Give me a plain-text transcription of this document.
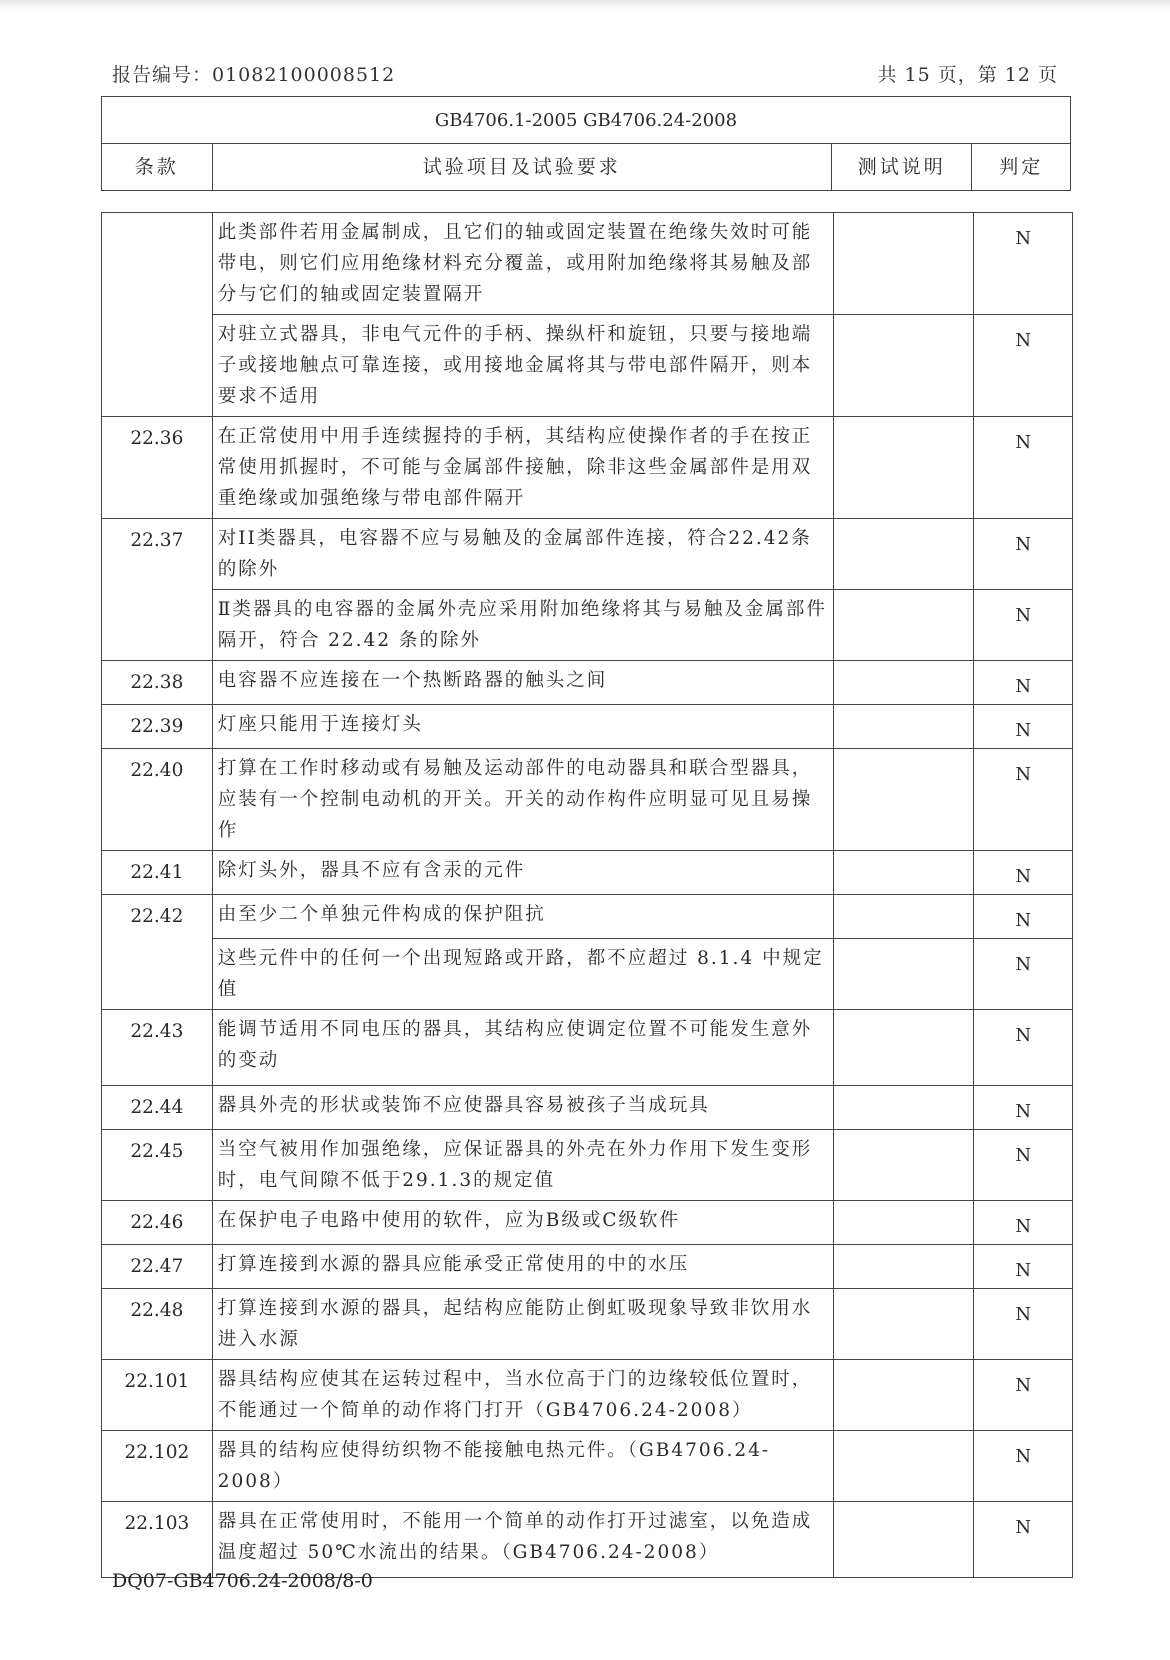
报告编号：01082100008512	共 15 页，第 12 页
GB4706.1-2005 GB4706.24-2008
条款	试验项目及试验要求	测试说明	判定
	此类部件若用金属制成，且它们的轴或固定装置在绝缘失效时可能带电，则它们应用绝缘材料充分覆盖，或用附加绝缘将其易触及部分与它们的轴或固定装置隔开		N
	对驻立式器具，非电气元件的手柄、操纵杆和旋钮，只要与接地端子或接地触点可靠连接，或用接地金属将其与带电部件隔开，则本要求不适用		N
22.36	在正常使用中用手连续握持的手柄，其结构应使操作者的手在按正常使用抓握时，不可能与金属部件接触，除非这些金属部件是用双重绝缘或加强绝缘与带电部件隔开		N
22.37	对II类器具，电容器不应与易触及的金属部件连接，符合22.42条的除外		N
	Ⅱ类器具的电容器的金属外壳应采用附加绝缘将其与易触及金属部件隔开，符合 22.42 条的除外		N
22.38	电容器不应连接在一个热断路器的触头之间		N
22.39	灯座只能用于连接灯头		N
22.40	打算在工作时移动或有易触及运动部件的电动器具和联合型器具，应装有一个控制电动机的开关。开关的动作构件应明显可见且易操作		N
22.41	除灯头外，器具不应有含汞的元件		N
22.42	由至少二个单独元件构成的保护阻抗		N
	这些元件中的任何一个出现短路或开路，都不应超过 8.1.4 中规定值		N
22.43	能调节适用不同电压的器具，其结构应使调定位置不可能发生意外的变动		N
22.44	器具外壳的形状或装饰不应使器具容易被孩子当成玩具		N
22.45	当空气被用作加强绝缘，应保证器具的外壳在外力作用下发生变形时，电气间隙不低于29.1.3的规定值		N
22.46	在保护电子电路中使用的软件，应为B级或C级软件		N
22.47	打算连接到水源的器具应能承受正常使用的中的水压		N
22.48	打算连接到水源的器具，起结构应能防止倒虹吸现象导致非饮用水进入水源		N
22.101	器具结构应使其在运转过程中，当水位高于门的边缘较低位置时，不能通过一个简单的动作将门打开（GB4706.24-2008）		N
22.102	器具的结构应使得纺织物不能接触电热元件。（GB4706.24-2008）		N
22.103	器具在正常使用时，不能用一个简单的动作打开过滤室，以免造成温度超过 50℃水流出的结果。（GB4706.24-2008）		N
DQ07-GB4706.24-2008/8-0
